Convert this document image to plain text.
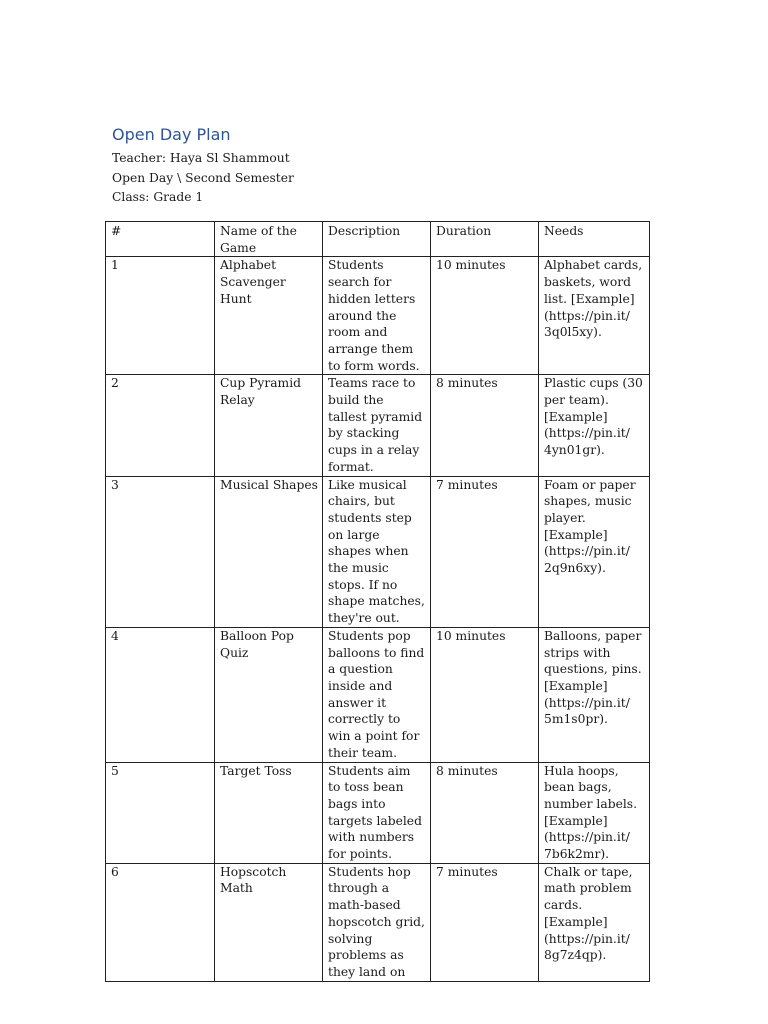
Open Day Plan
Teacher: Haya Sl Shammout
Open Day \ Second Semester
Class: Grade 1
#	Name of the Game	Description	Duration	Needs
1	Alphabet Scavenger Hunt	Students search for hidden letters around the room and arrange them to form words.	10 minutes	Alphabet cards, baskets, word list. [Example] (https://pin.it/ 3q0l5xy).
2	Cup Pyramid Relay	Teams race to build the tallest pyramid by stacking cups in a relay format.	8 minutes	Plastic cups (30 per team). [Example] (https://pin.it/ 4yn01gr).
3	Musical Shapes	Like musical chairs, but students step on large shapes when the music stops. If no shape matches, they're out.	7 minutes	Foam or paper shapes, music player. [Example] (https://pin.it/ 2q9n6xy).
4	Balloon Pop Quiz	Students pop balloons to find a question inside and answer it correctly to win a point for their team.	10 minutes	Balloons, paper strips with questions, pins. [Example] (https://pin.it/ 5m1s0pr).
5	Target Toss	Students aim to toss bean bags into targets labeled with numbers for points.	8 minutes	Hula hoops, bean bags, number labels. [Example] (https://pin.it/ 7b6k2mr).
6	Hopscotch Math	Students hop through a math-based hopscotch grid, solving problems as they land on	7 minutes	Chalk or tape, math problem cards. [Example] (https://pin.it/ 8g7z4qp).
